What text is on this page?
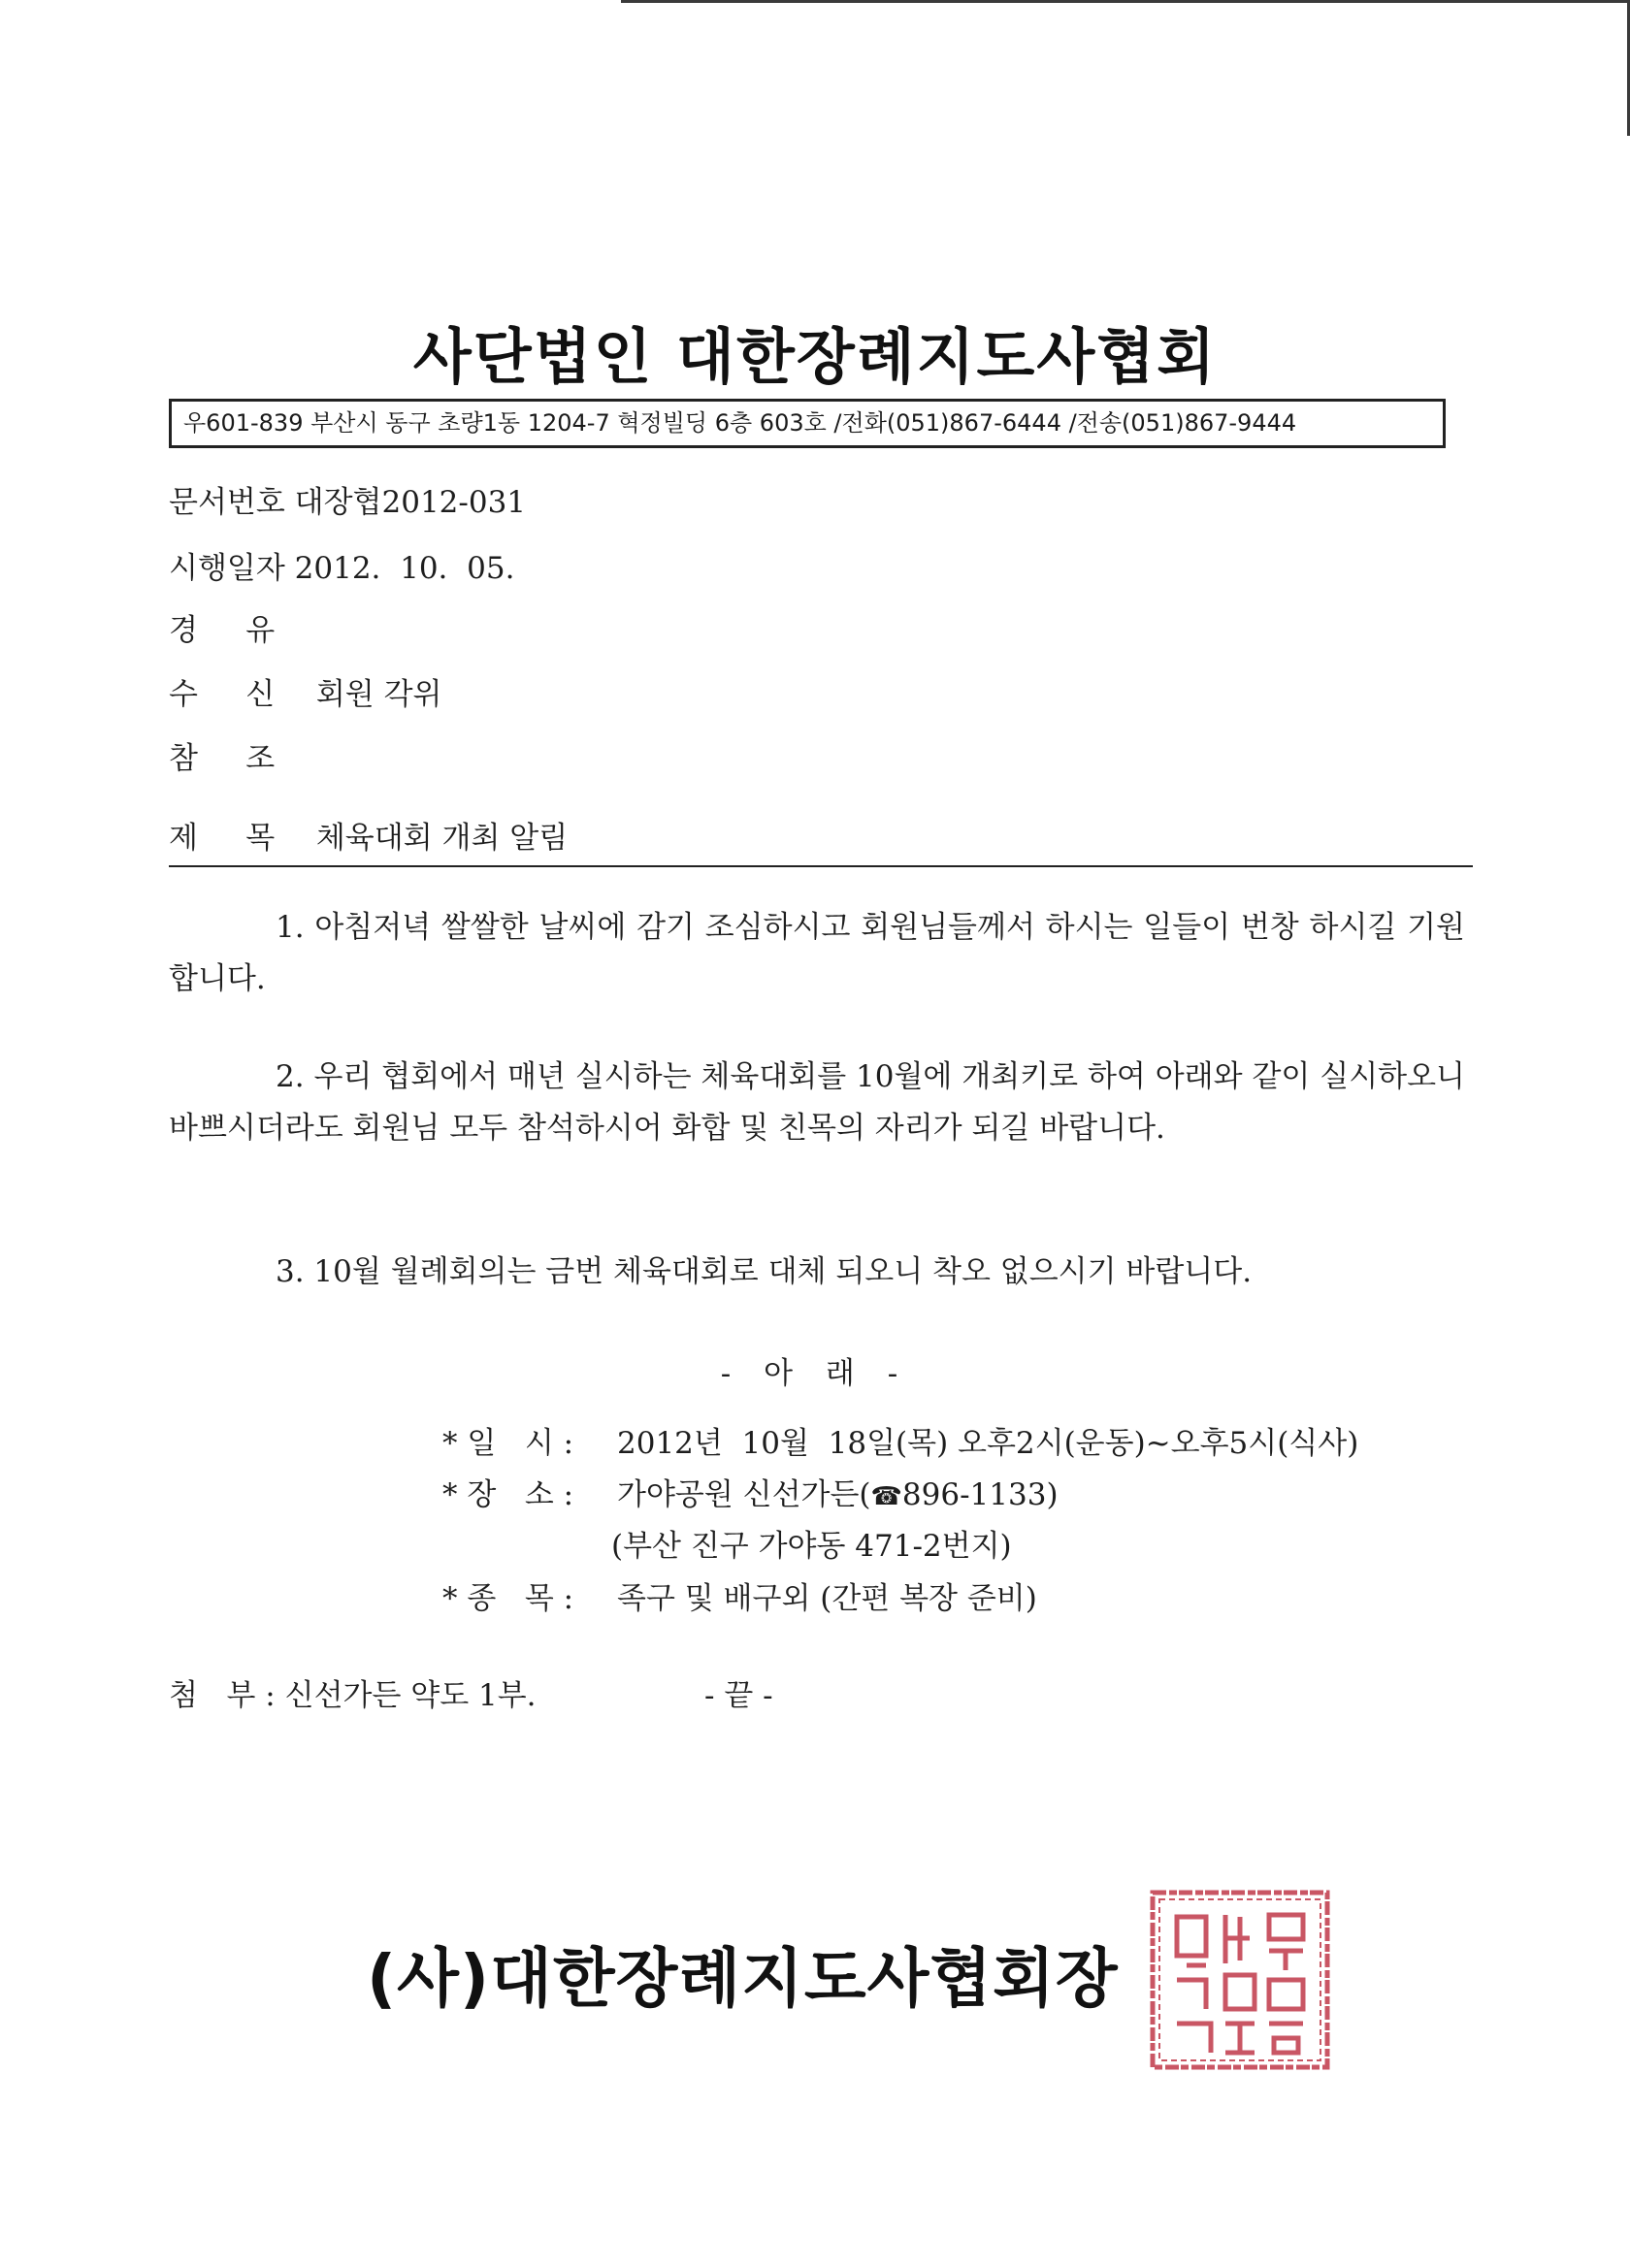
사단법인 대한장례지도사협회
우601-839 부산시 동구 초량1동 1204-7 혁정빌딩 6층 603호 /전화(051)867-6444 /전송(051)867-9444
문서번호 대장협2012-031
시행일자 2012.  10.  05.
경     유
수     신 회원 각위
참     조
제     목 체육대회 개최 알림
1. 아침저녁 쌀쌀한 날씨에 감기 조심하시고 회원님들께서 하시는 일들이 번창 하시길 기원합니다.
2. 우리 협회에서 매년 실시하는 체육대회를 10월에 개최키로 하여 아래와 같이 실시하오니 바쁘시더라도 회원님 모두 참석하시어 화합 및 친목의 자리가 되길 바랍니다.
3. 10월 월례회의는 금번 체육대회로 대체 되오니 착오 없으시기 바랍니다.
- 아 래 -
* 일   시 : 2012년  10월  18일(목) 오후2시(운동)~오후5시(식사)
* 장   소 : 가야공원 신선가든(☎896-1133)
(부산 진구 가야동 471-2번지)
* 종   목 : 족구 및 배구외 (간편 복장 준비)
첨   부 : 신선가든 약도 1부.	- 끝 -
(사)대한장례지도사협회장
